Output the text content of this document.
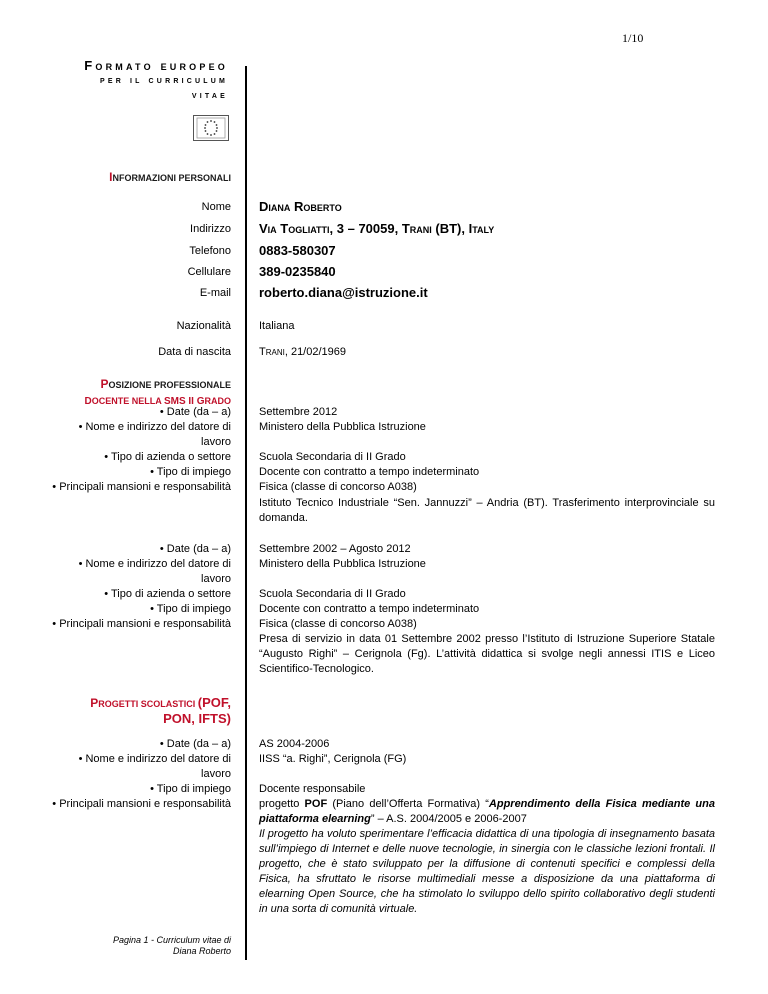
1/10
Formato europeo
per il curriculum
vitae
INFORMAZIONI PERSONALI
Nome Diana Roberto
Indirizzo Via Togliatti, 3 – 70059, Trani (BT), Italy
Telefono 0883-580307
Cellulare 389-0235840
E-mail roberto.diana@istruzione.it
Nazionalità	Italiana
Data di nascita	Trani, 21/02/1969
POSIZIONE PROFESSIONALE
DOCENTE NELLA SMS II GRADO
• Date (da – a)
• Nome e indirizzo del datore di
lavoro
• Tipo di azienda o settore
• Tipo di impiego
• Principali mansioni e responsabilità
Settembre 2012
Ministero della Pubblica Istruzione
Scuola Secondaria di II Grado
Docente con contratto a tempo indeterminato
Fisica (classe di concorso A038)
Istituto Tecnico Industriale “Sen. Jannuzzi” – Andria (BT). Trasferimento interprovinciale su domanda.
• Date (da – a)
• Nome e indirizzo del datore di
lavoro
• Tipo di azienda o settore
• Tipo di impiego
• Principali mansioni e responsabilità
Settembre 2002 – Agosto 2012
Ministero della Pubblica Istruzione
Scuola Secondaria di II Grado
Docente con contratto a tempo indeterminato
Fisica (classe di concorso A038)
Presa di servizio in data 01 Settembre 2002 presso l’Istituto di Istruzione Superiore Statale “Augusto Righi” – Cerignola (Fg). L’attività didattica si svolge negli annessi ITIS e Liceo Scientifico-Tecnologico.
PROGETTI SCOLASTICI (POF,
PON, IFTS)
• Date (da – a)
• Nome e indirizzo del datore di
lavoro
• Tipo di impiego
• Principali mansioni e responsabilità
AS 2004-2006
IISS “a. Righi”, Cerignola (FG)
Docente responsabile
progetto POF (Piano dell’Offerta Formativa) “Apprendimento della Fisica mediante una piattaforma elearning” – A.S. 2004/2005 e 2006-2007
Il progetto ha voluto sperimentare l’efficacia didattica di una tipologia di insegnamento basata sull’impiego di Internet e delle nuove tecnologie, in sinergia con le classiche lezioni frontali. Il progetto, che è stato sviluppato per la diffusione di contenuti specifici e complessi della Fisica, ha sfruttato le risorse multimediali messe a disposizione da una piattaforma di elearning Open Source, che ha stimolato lo sviluppo dello spirito collaborativo degli studenti in una sorta di comunità virtuale.
Pagina 1 - Curriculum vitae di
Diana Roberto
